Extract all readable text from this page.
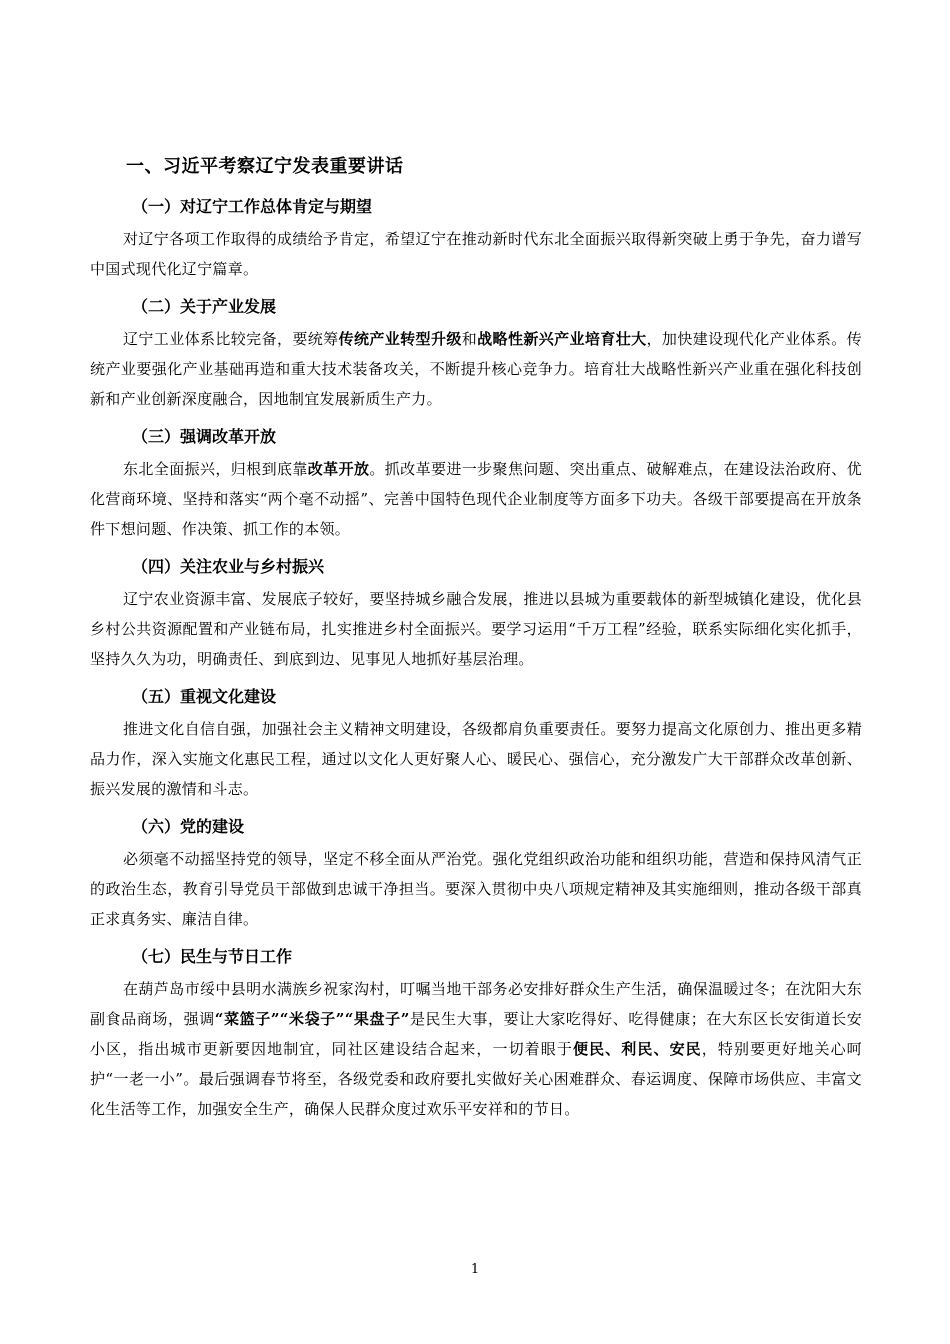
一、习近平考察辽宁发表重要讲话
（一）对辽宁工作总体肯定与期望

对辽宁各项工作取得的成绩给予肯定，希望辽宁在推动新时代东北全面振兴取得新突破上勇于争先，奋力谱写中国式现代化辽宁篇章。

（二）关于产业发展

辽宁工业体系比较完备，要统筹传统产业转型升级和战略性新兴产业培育壮大，加快建设现代化产业体系。传统产业要强化产业基础再造和重大技术装备攻关，不断提升核心竞争力。培育壮大战略性新兴产业重在强化科技创新和产业创新深度融合，因地制宜发展新质生产力。

（三）强调改革开放

东北全面振兴，归根到底靠改革开放。抓改革要进一步聚焦问题、突出重点、破解难点，在建设法治政府、优化营商环境、坚持和落实“两个毫不动摇”、完善中国特色现代企业制度等方面多下功夫。各级干部要提高在开放条件下想问题、作决策、抓工作的本领。

（四）关注农业与乡村振兴

辽宁农业资源丰富、发展底子较好，要坚持城乡融合发展，推进以县城为重要载体的新型城镇化建设，优化县乡村公共资源配置和产业链布局，扎实推进乡村全面振兴。要学习运用“千万工程”经验，联系实际细化实化抓手，坚持久久为功，明确责任、到底到边、见事见人地抓好基层治理。

（五）重视文化建设

推进文化自信自强，加强社会主义精神文明建设，各级都肩负重要责任。要努力提高文化原创力、推出更多精品力作，深入实施文化惠民工程，通过以文化人更好聚人心、暖民心、强信心，充分激发广大干部群众改革创新、振兴发展的激情和斗志。

（六）党的建设

必须毫不动摇坚持党的领导，坚定不移全面从严治党。强化党组织政治功能和组织功能，营造和保持风清气正的政治生态，教育引导党员干部做到忠诚干净担当。要深入贯彻中央八项规定精神及其实施细则，推动各级干部真正求真务实、廉洁自律。

（七）民生与节日工作

在葫芦岛市绥中县明水满族乡祝家沟村，叮嘱当地干部务必安排好群众生产生活，确保温暖过冬；在沈阳大东副食品商场，强调“菜篮子”“米袋子”“果盘子”是民生大事，要让大家吃得好、吃得健康；在大东区长安街道长安小区，指出城市更新要因地制宜，同社区建设结合起来，一切着眼于便民、利民、安民，特别要更好地关心呵护“一老一小”。最后强调春节将至，各级党委和政府要扎实做好关心困难群众、春运调度、保障市场供应、丰富文化生活等工作，加强安全生产，确保人民群众度过欢乐平安祥和的节日。

1
